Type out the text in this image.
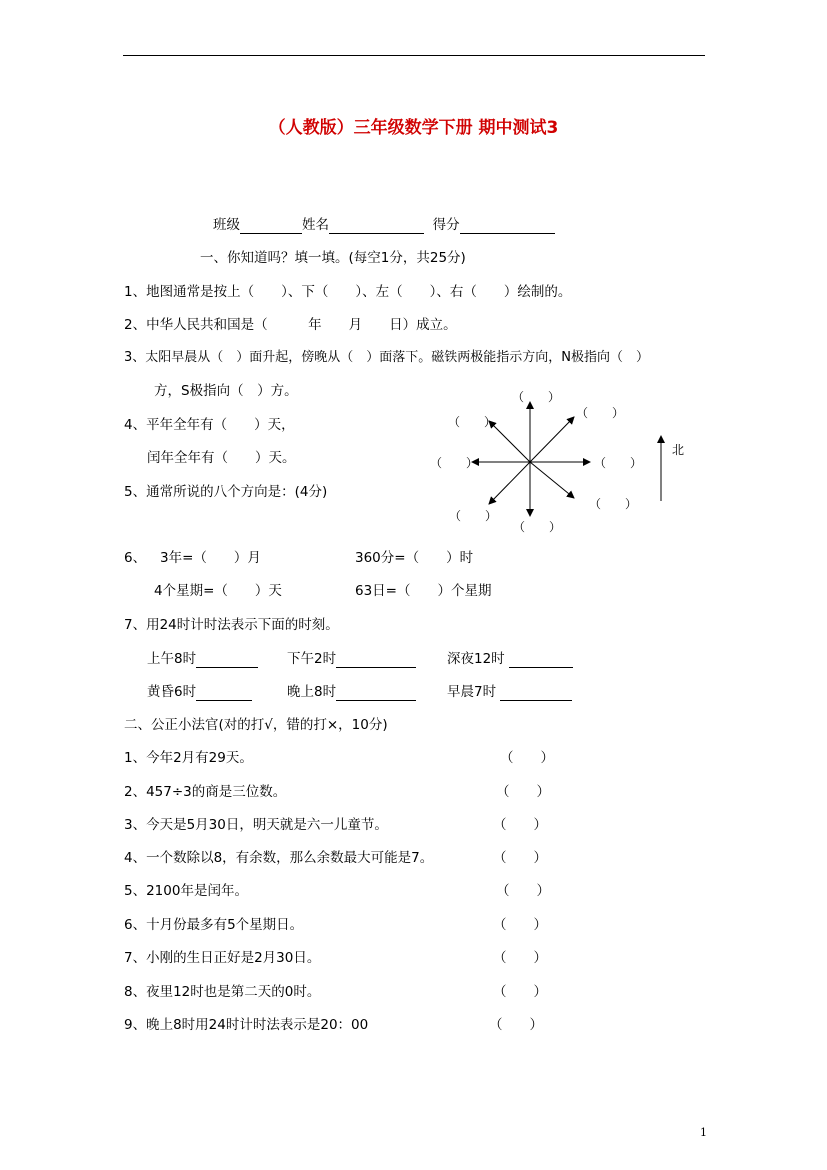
（人教版）三年级数学下册 期中测试3
班级	姓名	得分
一、你知道吗？填一填。(每空1分，共25分)
1、地图通常是按上（　　）、下（　　）、左（　　）、右（　　）绘制的。
2、中华人民共和国是（　　　年　　月　　日）成立。
3、太阳早晨从（　）面升起，傍晚从（　）面落下。磁铁两极能指示方向，N极指向（　）
方，S极指向（　）方。
4、平年全年有（　　）天，
闰年全年有（　　）天。
5、通常所说的八个方向是：(4分)
6、 3年=（　　）月	360分=（　　）时
4个星期=（　　）天	63日=（　　）个星期
7、用24时计时法表示下面的时刻。
上午8时	下午2时	深夜12时
黄昏6时	晚上8时	早晨7时
（　　）
（　　）
（　　）
（　　）	（　　）
（　　）
（　　）
（　　）
北
二、公正小法官(对的打√，错的打×，10分)
1、今年2月有29天。
2、457÷3的商是三位数。
3、今天是5月30日，明天就是六一儿童节。
4、一个数除以8，有余数，那么余数最大可能是7。
5、2100年是闰年。
6、十月份最多有5个星期日。
7、小刚的生日正好是2月30日。
8、夜里12时也是第二天的0时。
9、晚上8时用24时计时法表示是20：00
（　　）
（　　）
（　　）
（　　）
（　　）
（　　）
（　　）
（　　）
（　　）
1
